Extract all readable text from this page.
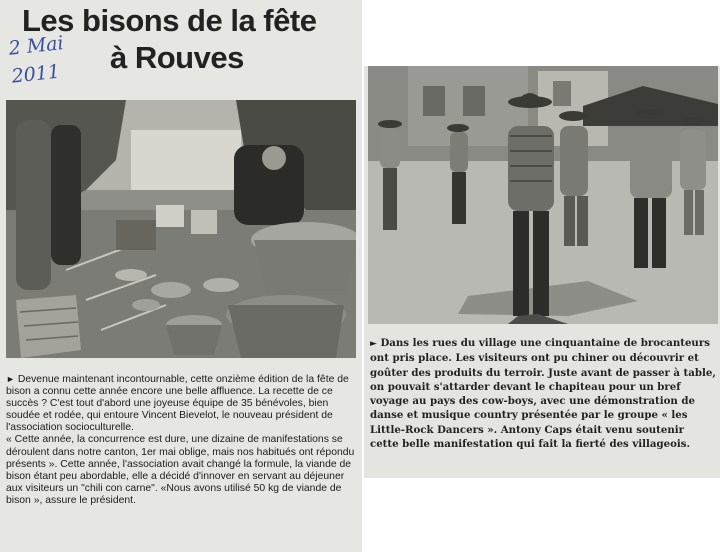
Les bisons de la fête
à Rouves
2 Mai
2011

► Devenue maintenant incontournable, cette onzième édition de la fête de bison a connu cette année encore une belle affluence. La recette de ce succès ? C'est tout d'abord une joyeuse équipe de 35 bénévoles, bien soudée et rodée, qui entoure Vincent Bievelot, le nouveau président de l'association socioculturelle.

« Cette année, la concurrence est dure, une dizaine de manifestations se déroulent dans notre canton, 1er mai oblige, mais nos habitués ont répondu présents ». Cette année, l'association avait changé la formule, la viande de bison étant peu abordable, elle a décidé d'innover en servant au déjeuner aux visiteurs un "chili con carne". «Nous avons utilisé 50 kg de viande de bison », assure le président.

► Dans les rues du village une cinquantaine de brocanteurs ont pris place. Les visiteurs ont pu chiner ou découvrir et goûter des produits du terroir. Juste avant de passer à table, on pouvait s'attarder devant le chapiteau pour un bref voyage au pays des cow-boys, avec une démonstration de danse et musique country présentée par le groupe « les Little-Rock Dancers ». Antony Caps était venu soutenir cette belle manifestation qui fait la fierté des villageois.
